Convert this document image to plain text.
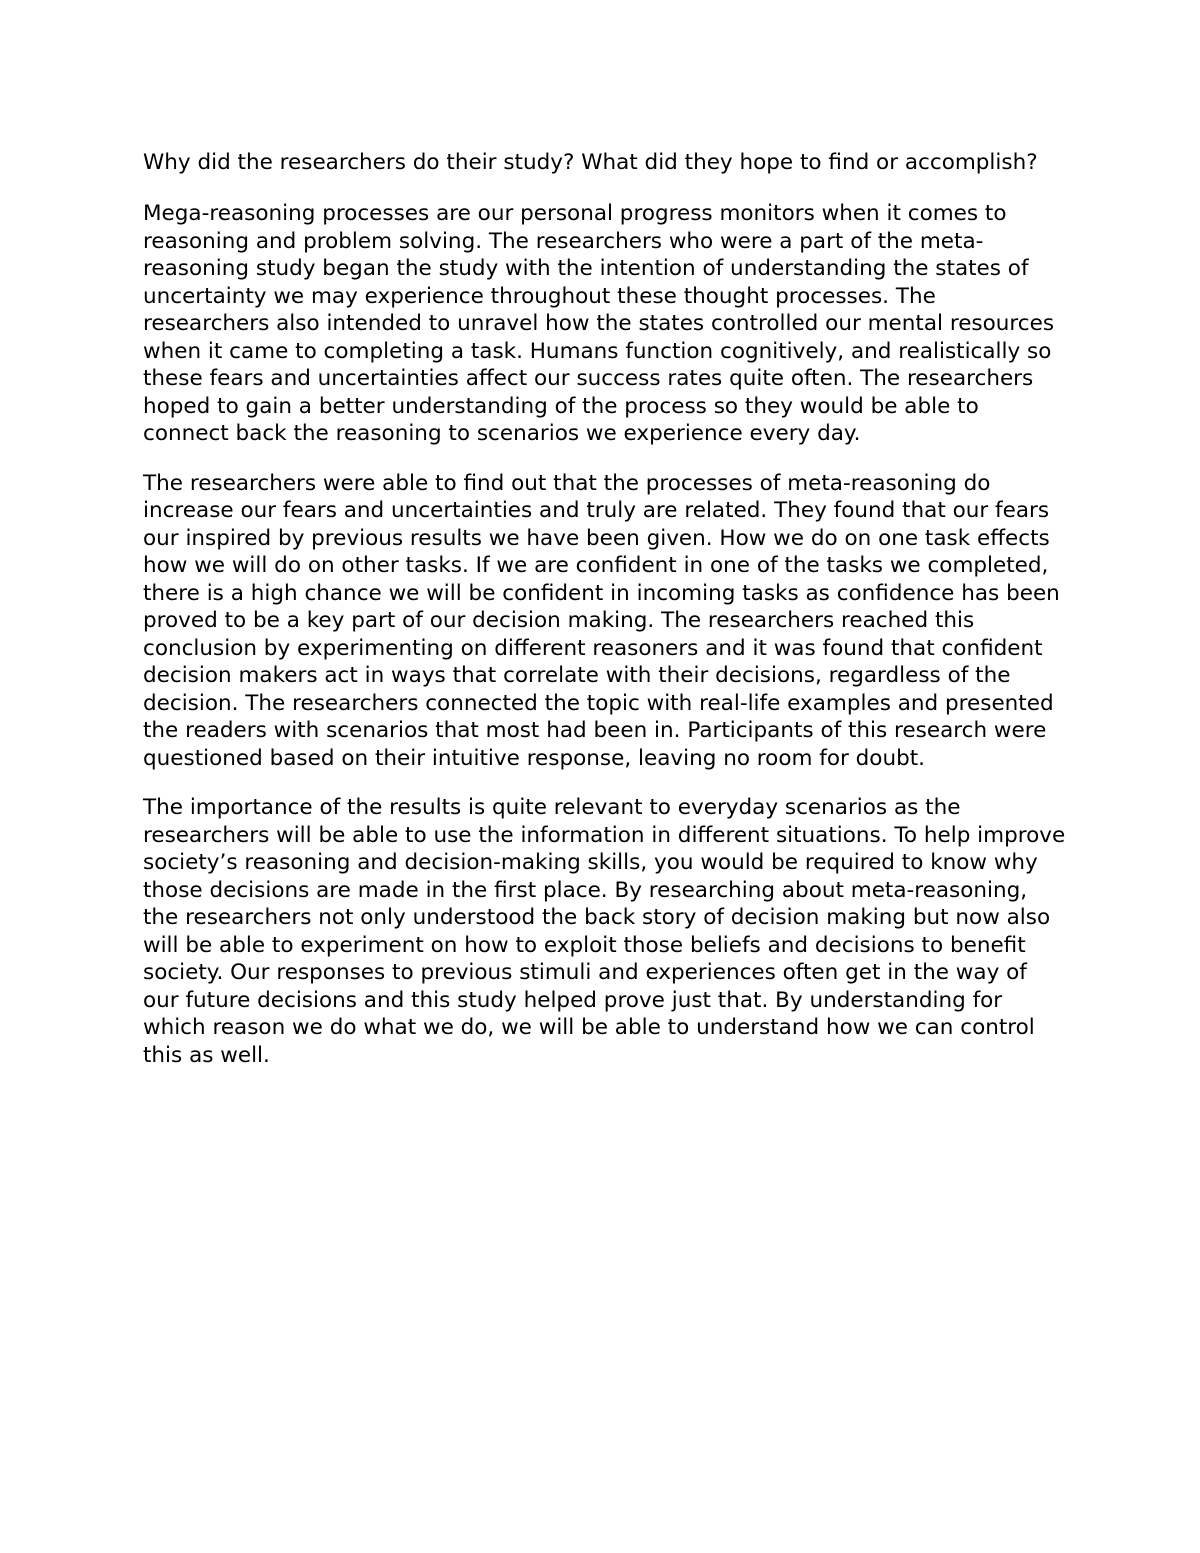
Why did the researchers do their study? What did they hope to find or accomplish?

Mega-reasoning processes are our personal progress monitors when it comes to reasoning and problem solving. The researchers who were a part of the meta-reasoning study began the study with the intention of understanding the states of uncertainty we may experience throughout these thought processes. The researchers also intended to unravel how the states controlled our mental resources when it came to completing a task. Humans function cognitively, and realistically so these fears and uncertainties affect our success rates quite often. The researchers hoped to gain a better understanding of the process so they would be able to connect back the reasoning to scenarios we experience every day.

The researchers were able to find out that the processes of meta-reasoning do increase our fears and uncertainties and truly are related. They found that our fears our inspired by previous results we have been given. How we do on one task effects how we will do on other tasks. If we are confident in one of the tasks we completed, there is a high chance we will be confident in incoming tasks as confidence has been proved to be a key part of our decision making. The researchers reached this conclusion by experimenting on different reasoners and it was found that confident decision makers act in ways that correlate with their decisions, regardless of the decision. The researchers connected the topic with real-life examples and presented the readers with scenarios that most had been in. Participants of this research were questioned based on their intuitive response, leaving no room for doubt.

The importance of the results is quite relevant to everyday scenarios as the researchers will be able to use the information in different situations. To help improve society’s reasoning and decision-making skills, you would be required to know why those decisions are made in the first place. By researching about meta-reasoning, the researchers not only understood the back story of decision making but now also will be able to experiment on how to exploit those beliefs and decisions to benefit society. Our responses to previous stimuli and experiences often get in the way of our future decisions and this study helped prove just that. By understanding for which reason we do what we do, we will be able to understand how we can control this as well.
